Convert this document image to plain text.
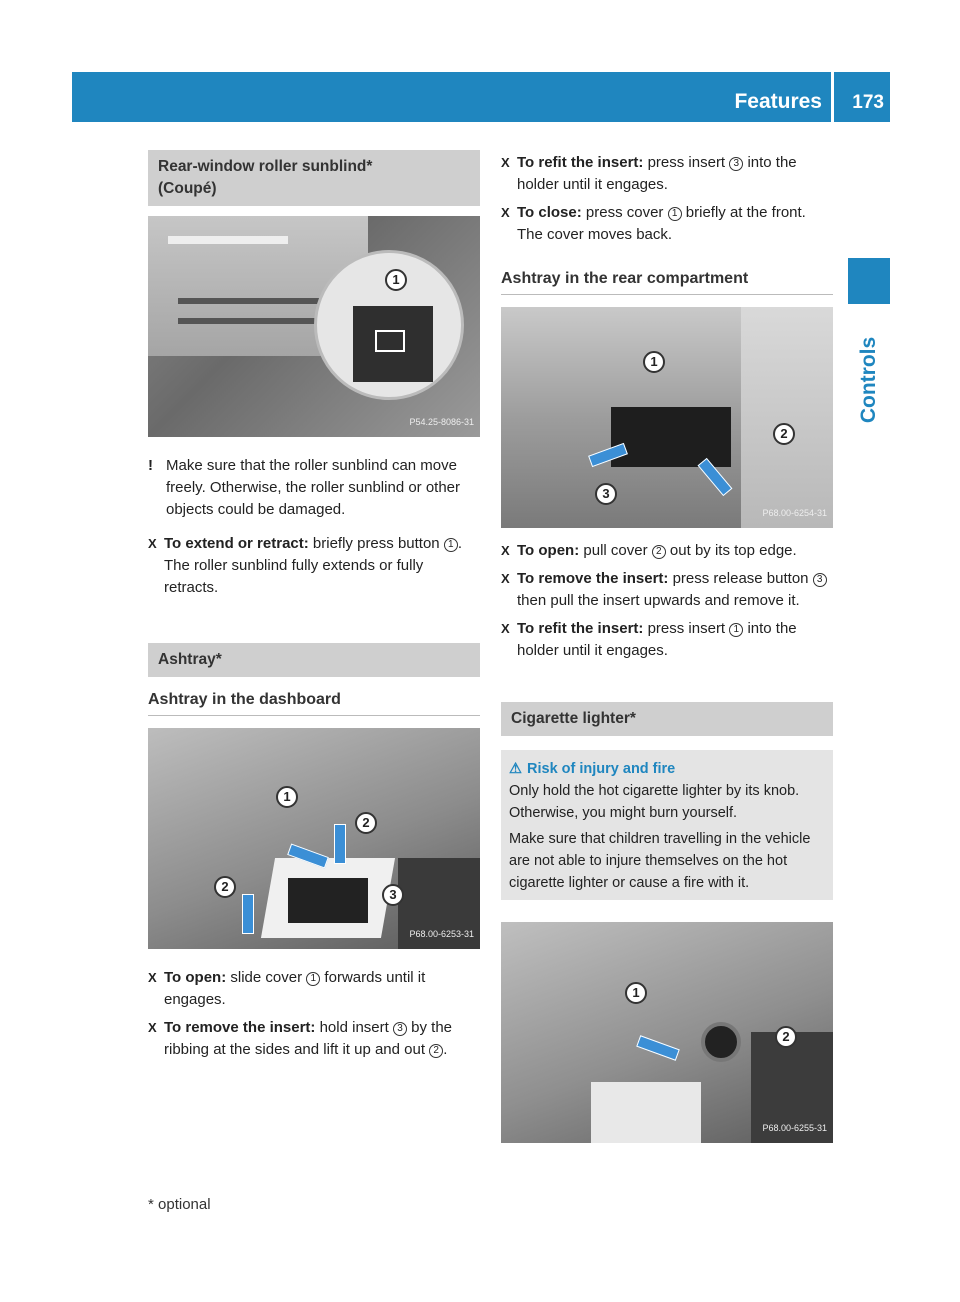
Features 173
Controls
Rear-window roller sunblind*
(Coupé)
1
P54.25-8086-31
! Make sure that the roller sunblind can move freely. Otherwise, the roller sunblind or other objects could be damaged.
X To extend or retract: briefly press button 1 .
The roller sunblind fully extends or fully retracts.
Ashtray*
Ashtray in the dashboard
1
2
2
3
P68.00-6253-31
X To open: slide cover 1 forwards until it engages.
X To remove the insert: hold insert 3 by the ribbing at the sides and lift it up and out 2 .
X To refit the insert: press insert 3 into the holder until it engages.
X To close: press cover 1 briefly at the front.
The cover moves back.
Ashtray in the rear compartment
1
2
3
P68.00-6254-31
X To open: pull cover 2 out by its top edge.
X To remove the insert: press release button 3 then pull the insert upwards and remove it.
X To refit the insert: press insert 1 into the holder until it engages.
Cigarette lighter*
⚠ Risk of injury and fire
Only hold the hot cigarette lighter by its knob. Otherwise, you might burn yourself.
Make sure that children travelling in the vehicle are not able to injure themselves on the hot cigarette lighter or cause a fire with it.
1
2
P68.00-6255-31
* optional
